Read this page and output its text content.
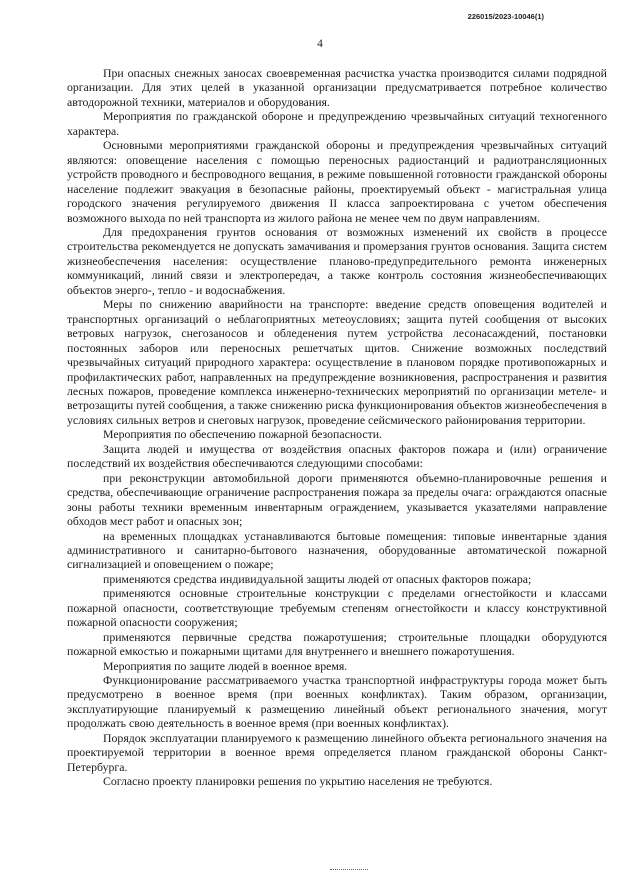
226015/2023-10046(1)
4

При опасных снежных заносах своевременная расчистка участка производится силами подрядной организации. Для этих целей в указанной организации предусматривается потребное количество автодорожной техники, материалов и оборудования.

Мероприятия по гражданской обороне и предупреждению чрезвычайных ситуаций техногенного характера.

Основными мероприятиями гражданской обороны и предупреждения чрезвычайных ситуаций являются: оповещение населения с помощью переносных радиостанций и радиотрансляционных устройств проводного и беспроводного вещания, в режиме повышенной готовности гражданской обороны население подлежит эвакуация в безопасные районы, проектируемый объект - магистральная улица городского значения регулируемого движения II класса запроектирована с учетом обеспечения возможного выхода по ней транспорта из жилого района не менее чем по двум направлениям.

Для предохранения грунтов основания от возможных изменений их свойств в процессе строительства рекомендуется не допускать замачивания и промерзания грунтов основания. Защита систем жизнеобеспечения населения: осуществление планово-предупредительного ремонта инженерных коммуникаций, линий связи и электропередач, а также контроль состояния жизнеобеспечивающих объектов энерго-, тепло - и водоснабжения.

Меры по снижению аварийности на транспорте: введение средств оповещения водителей и транспортных организаций о неблагоприятных метеоусловиях; защита путей сообщения от высоких ветровых нагрузок, снегозаносов и обледенения путем устройства лесонасаждений, постановки постоянных заборов или переносных решетчатых щитов. Снижение возможных последствий чрезвычайных ситуаций природного характера: осуществление в плановом порядке противопожарных и профилактических работ, направленных на предупреждение возникновения, распространения и развития лесных пожаров, проведение комплекса инженерно-технических мероприятий по организации метеле- и ветрозащиты путей сообщения, а также снижению риска функционирования объектов жизнеобеспечения в условиях сильных ветров и снеговых нагрузок, проведение сейсмического районирования территории.

Мероприятия по обеспечению пожарной безопасности.

Защита людей и имущества от воздействия опасных факторов пожара и (или) ограничение последствий их воздействия обеспечиваются следующими способами:

при реконструкции автомобильной дороги применяются объемно-планировочные решения и средства, обеспечивающие ограничение распространения пожара за пределы очага: ограждаются опасные зоны работы техники временным инвентарным ограждением, указывается указателями направление обходов мест работ и опасных зон;

на временных площадках устанавливаются бытовые помещения: типовые инвентарные здания административного и санитарно-бытового назначения, оборудованные автоматической пожарной сигнализацией и оповещением о пожаре;

применяются средства индивидуальной защиты людей от опасных факторов пожара;

применяются основные строительные конструкции с пределами огнестойкости и классами пожарной опасности, соответствующие требуемым степеням огнестойкости и классу конструктивной пожарной опасности сооружения;

применяются первичные средства пожаротушения; строительные площадки оборудуются пожарной емкостью и пожарными щитами для внутреннего и внешнего пожаротушения.

Мероприятия по защите людей в военное время.

Функционирование рассматриваемого участка транспортной инфраструктуры города может быть предусмотрено в военное время (при военных конфликтах). Таким образом, организации, эксплуатирующие планируемый к размещению линейный объект регионального значения, могут продолжать свою деятельность в военное время (при военных конфликтах).

Порядок эксплуатации планируемого к размещению линейного объекта регионального значения на проектируемой территории в военное время определяется планом гражданской обороны Санкт-Петербурга.

Согласно проекту планировки решения по укрытию населения не требуются.
